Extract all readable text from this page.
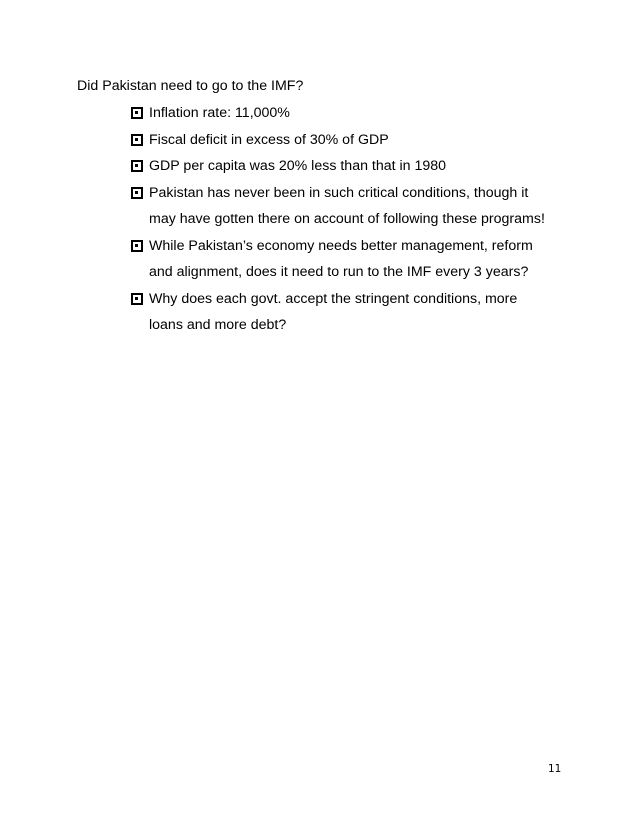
Did Pakistan need to go to the IMF?
Inflation rate: 11,000%
Fiscal deficit in excess of 30% of GDP
GDP per capita was 20% less than that in 1980
Pakistan has never been in such critical conditions, though it
may have gotten there on account of following these programs!
While Pakistan’s economy needs better management, reform
and alignment, does it need to run to the IMF every 3 years?
Why does each govt. accept the stringent conditions, more
loans and more debt?
11
